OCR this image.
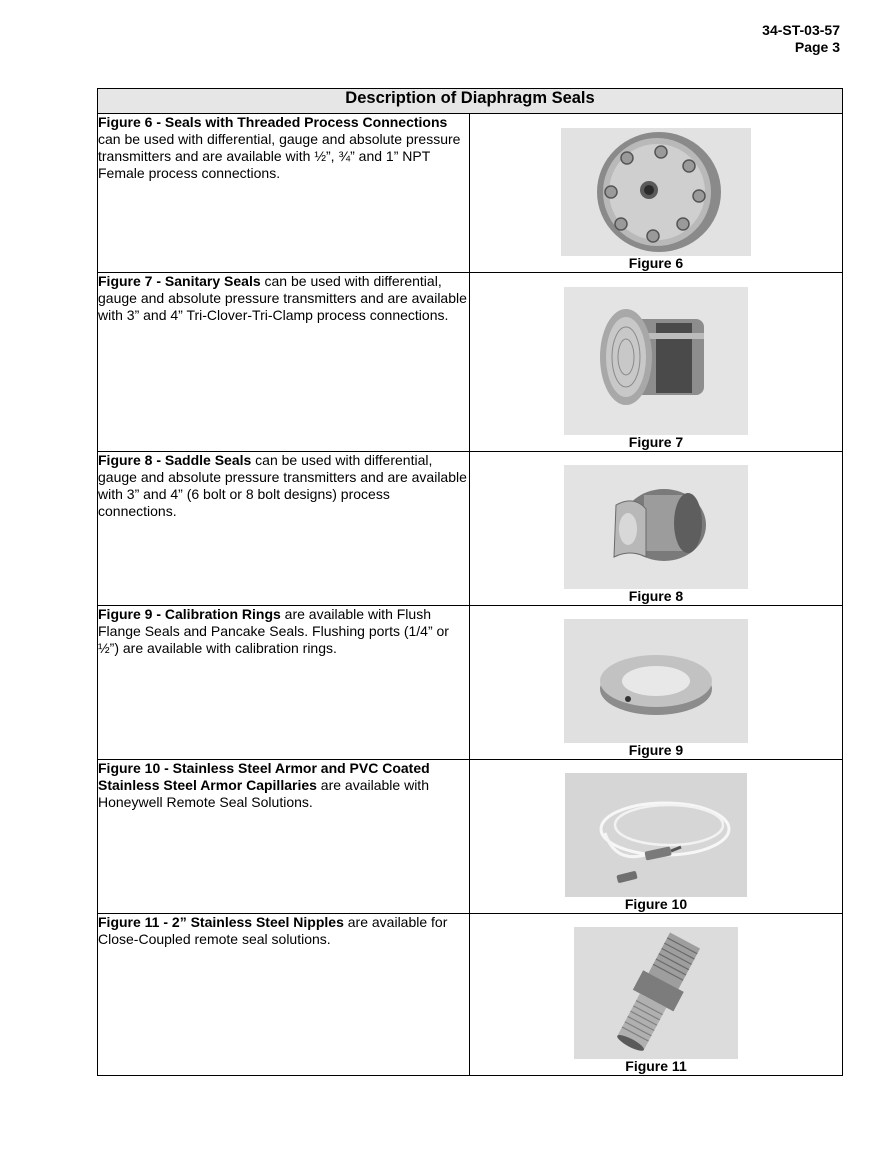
34-ST-03-57
Page 3
Description of Diaphragm Seals	
Figure 6 - Seals with Threaded Process Connections can be used with differential, gauge and absolute pressure transmitters and are available with ½”, ¾” and 1” NPT Female process connections.	Figure 6

Figure 7 - Sanitary Seals can be used with differential, gauge and absolute pressure transmitters and are available with 3” and 4” Tri-Clover-Tri-Clamp process connections.	Figure 7

Figure 8 - Saddle Seals can be used with differential, gauge and absolute pressure transmitters and are available with 3” and 4” (6 bolt or 8 bolt designs) process connections.	Figure 8

Figure 9 - Calibration Rings are available with Flush Flange Seals and Pancake Seals. Flushing ports (1/4” or ½”) are available with calibration rings.	Figure 9

Figure 10 - Stainless Steel Armor and PVC Coated Stainless Steel Armor Capillaries are available with Honeywell Remote Seal Solutions.	Figure 10

Figure 11 - 2” Stainless Steel Nipples are available for Close-Coupled remote seal solutions.	Figure 11
